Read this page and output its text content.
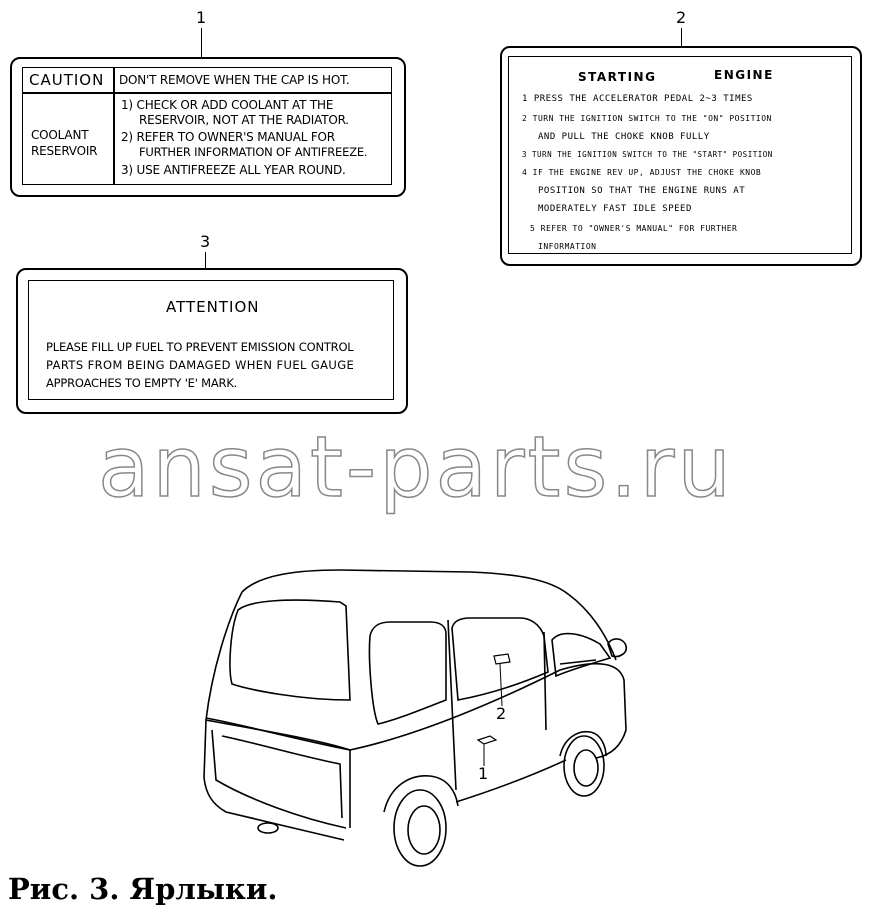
1
CAUTION DON'T REMOVE WHEN THE CAP IS HOT.
COOLANT
RESERVOIR
1) CHECK OR ADD COOLANT AT THE
RESERVOIR, NOT AT THE RADIATOR.
2) REFER TO OWNER'S MANUAL FOR
FURTHER INFORMATION OF ANTIFREEZE.
3) USE ANTIFREEZE ALL YEAR ROUND.
2
STARTING	ENGINE
1 PRESS THE ACCELERATOR PEDAL 2~3 TIMES
2 TURN THE IGNITION SWITCH TO THE "ON" POSITION
AND PULL THE CHOKE KNOB FULLY
3 TURN THE IGNITION SWITCH TO THE "START" POSITION
4 IF THE ENGINE REV UP, ADJUST THE CHOKE KNOB
POSITION SO THAT THE ENGINE RUNS AT
MODERATELY FAST IDLE SPEED
5 REFER TO "OWNER'S MANUAL" FOR FURTHER
INFORMATION
3
ATTENTION
PLEASE FILL UP FUEL TO PREVENT EMISSION CONTROL
PARTS FROM BEING DAMAGED WHEN FUEL GAUGE
APPROACHES TO EMPTY 'E' MARK.
ansat-parts.ru
2
1
Рис. 3. Ярлыки.
